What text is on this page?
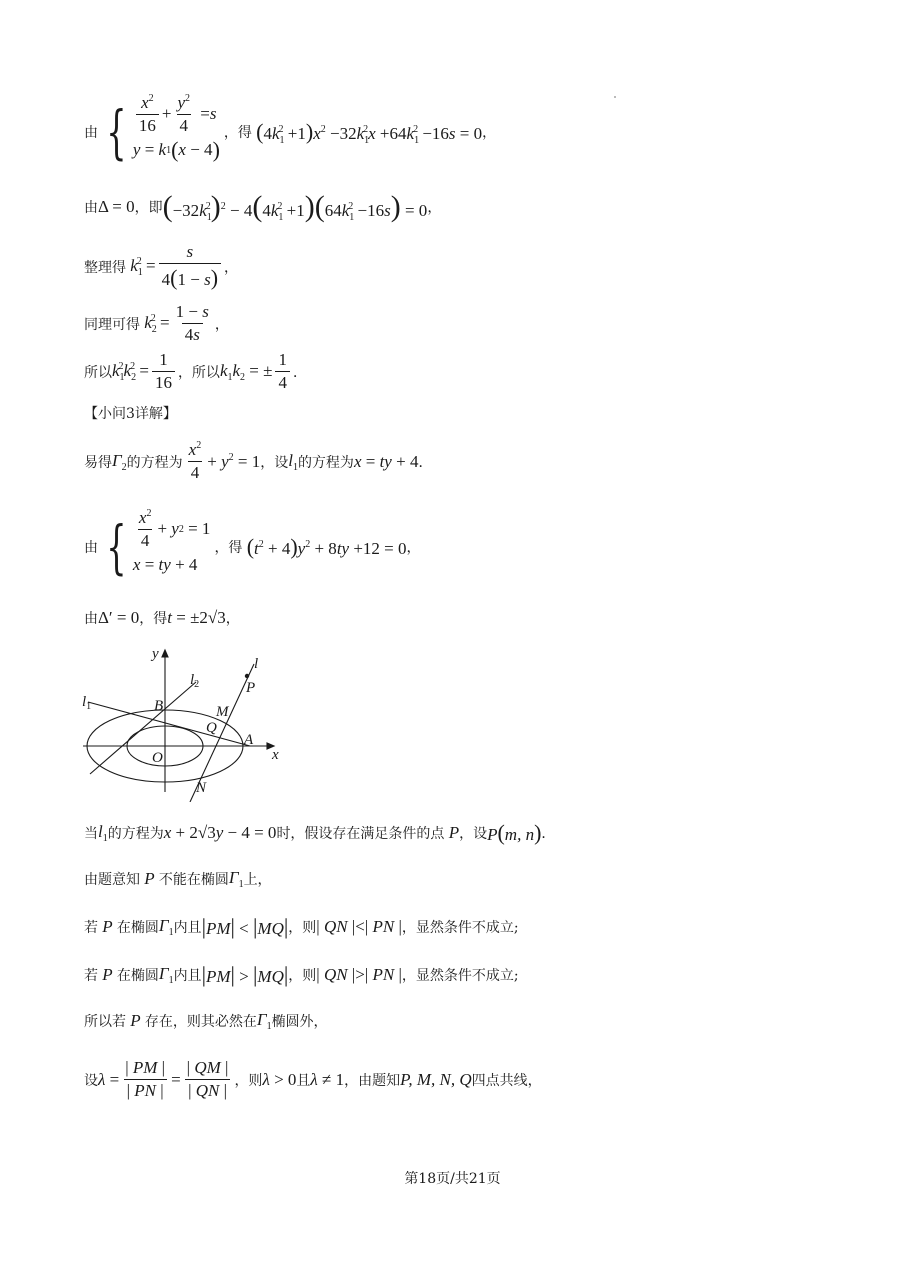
由 { $\frac{x^2}{16} + \frac{y^2}{4} = s$
y = k 1 ( x − 4 )
，得 $(4k_1^2 +1)x^2 -32k_1^2x +64k_1^2 -16s = 0$ ，
由 Δ = 0 ，即 $(-32k_1^2)^2 - 4(4k_1^2 +1)(64k_1^2 -16s) = 0$ ，
整理得 $k_1^2 = \frac{s}{4(1 - s)}$ ，
同理可得 $k_2^2 = \frac{1 - s}{4s}$ ，
所以 $k_1^2k_2^2 = \frac{1}{16}$ ，所以 $k_1k_2$ = ± $\frac{1}{4}$ ．
【小问3详解】
易得 $\Gamma_2$ 的方程为 $\frac{x^2}{4} + y^2 = 1$ ，设 $l_1$ 的方程为 x = ty + 4 ．
由 { $\frac{x^2}{4} + y$ 2 = 1
x = ty + 4
，得 $(t^2 + 4)y^2 + 8ty +12 = 0$ ，
由 Δ′ = 0 ，得 t = ±2√3 ，
y
x
O
A
B	M
Q
N
P
l
$l_1$
$l_2$
当 $l_1$ 的方程为 x + 2√3y − 4 = 0 时，假设存在满足条件的点 P ，设 P(m, n) ．
由题意知 P 不能在椭圆 $\Gamma_1$ 上，
若 P 在椭圆 $\Gamma_1$ 内且 |PM| < |MQ| ，则 | QN |<| PN | ，显然条件不成立;
若 P 在椭圆 $\Gamma_1$ 内且 |PM| > |MQ| ，则 | QN |>| PN | ，显然条件不成立;
所以若 P 存在，则其必然在 $\Gamma_1$ 椭圆外，
设 $\lambda = \frac{| PM |}{| PN |} = \frac{| QM |}{| QN |}$ ，则 λ > 0 且 λ ≠ 1 ，由题知 P, M, N, Q 四点共线，
第18页/共21页
